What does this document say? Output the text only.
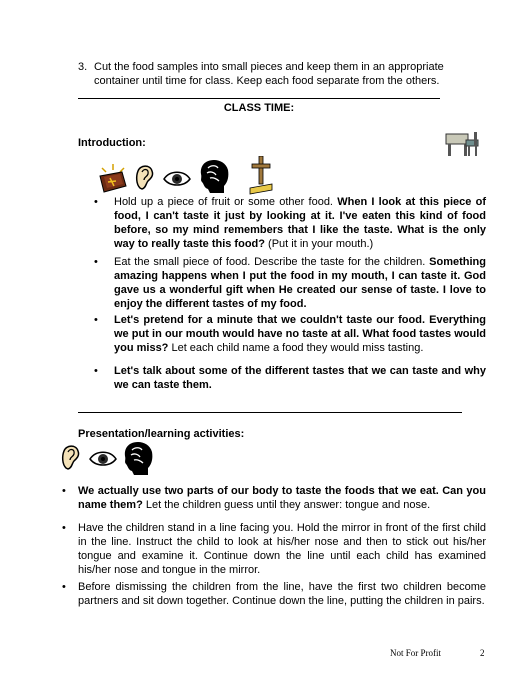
3. Cut the food samples into small pieces and keep them in an appropriate container until time for class. Keep each food separate from the others.
CLASS TIME:
Introduction:
• Hold up a piece of fruit or some other food. When I look at this piece of food, I can't taste it just by looking at it. I've eaten this kind of food before, so my mind remembers that I like the taste. What is the only way to really taste this food? (Put it in your mouth.)
• Eat the small piece of food. Describe the taste for the children. Something amazing happens when I put the food in my mouth, I can taste it. God gave us a wonderful gift when He created our sense of taste. I love to enjoy the different tastes of my food.
• Let's pretend for a minute that we couldn't taste our food. Everything we put in our mouth would have no taste at all. What food tastes would you miss? Let each child name a food they would miss tasting.
• Let's talk about some of the different tastes that we can taste and why we can taste them.
Presentation/learning activities:
• We actually use two parts of our body to taste the foods that we eat. Can you name them? Let the children guess until they answer: tongue and nose.
• Have the children stand in a line facing you. Hold the mirror in front of the first child in the line. Instruct the child to look at his/her nose and then to stick out his/her tongue and examine it. Continue down the line until each child has examined his/her nose and tongue in the mirror.
• Before dismissing the children from the line, have the first two children become partners and sit down together. Continue down the line, putting the children in pairs.
Not For Profit	2
